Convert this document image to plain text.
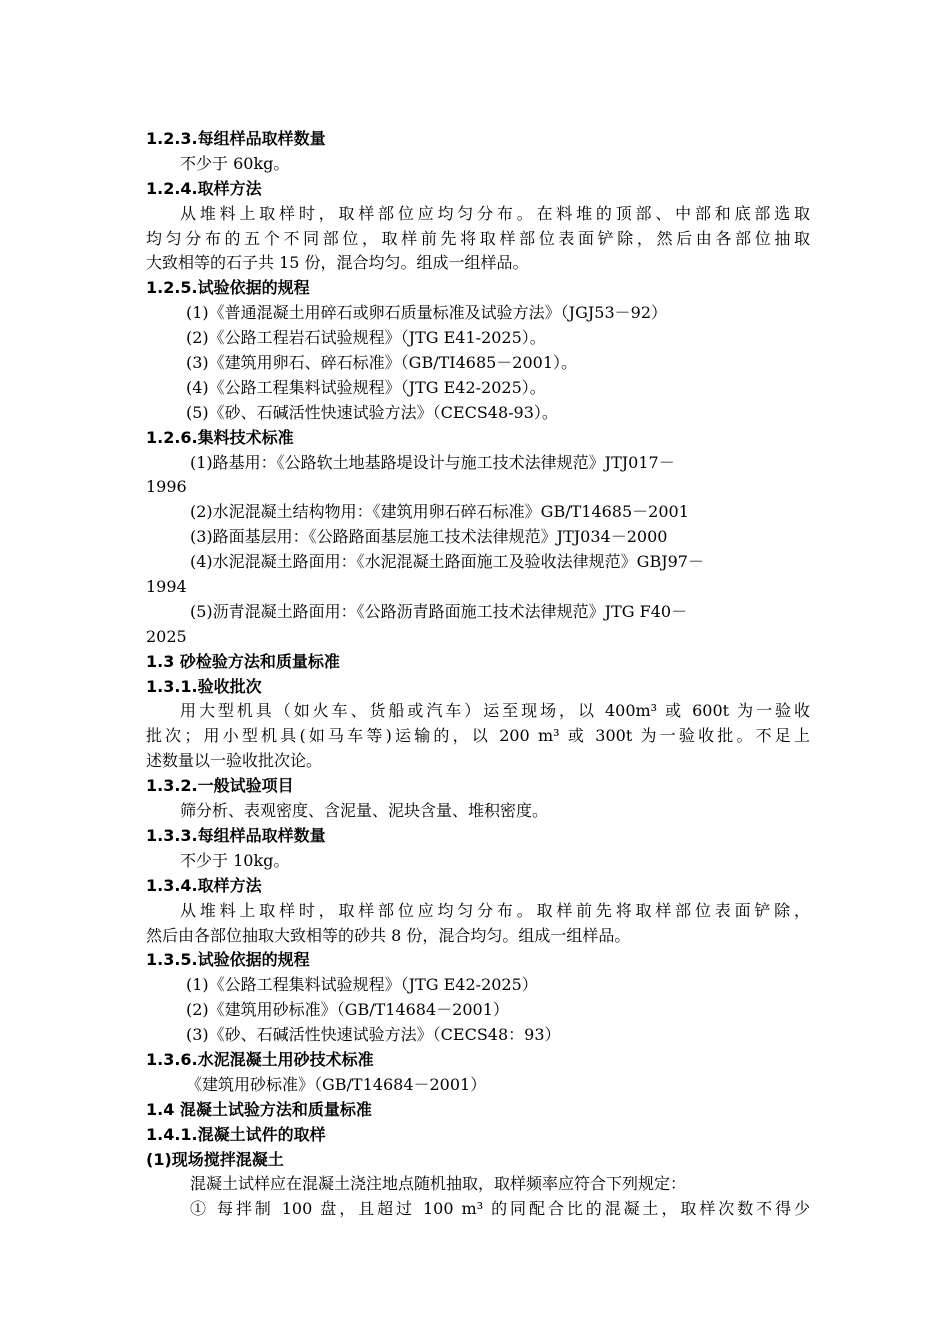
1.2.3.每组样品取样数量
不少于 60kg。
1.2.4.取样方法
从堆料上取样时，取样部位应均匀分布。在料堆的顶部、中部和底部选取
均匀分布的五个不同部位，取样前先将取样部位表面铲除，然后由各部位抽取
大致相等的石子共 15 份，混合均匀。组成一组样品。
1.2.5.试验依据的规程
(1)《普通混凝土用碎石或卵石质量标准及试验方法》（JGJ53－92）
(2)《公路工程岩石试验规程》（JTG E41-2025）。
(3)《建筑用卵石、碎石标准》（GB/TI4685－2001）。
(4)《公路工程集料试验规程》（JTG E42-2025）。
(5)《砂、石碱活性快速试验方法》（CECS48-93）。
1.2.6.集料技术标准
(1)路基用：《公路软土地基路堤设计与施工技术法律规范》JTJ017－
1996
(2)水泥混凝土结构物用：《建筑用卵石碎石标准》GB/T14685－2001
(3)路面基层用：《公路路面基层施工技术法律规范》JTJ034－2000
(4)水泥混凝土路面用：《水泥混凝土路面施工及验收法律规范》GBJ97－
1994
(5)沥青混凝土路面用：《公路沥青路面施工技术法律规范》JTG F40－
2025
1.3 砂检验方法和质量标准
1.3.1.验收批次
用大型机具（如火车、货船或汽车）运至现场，以 400m³ 或 600t 为一验收
批次；用小型机具(如马车等)运输的，以 200 m³ 或 300t 为一验收批。不足上
述数量以一验收批次论。
1.3.2.一般试验项目
筛分析、表观密度、含泥量、泥块含量、堆积密度。
1.3.3.每组样品取样数量
不少于 10kg。
1.3.4.取样方法
从堆料上取样时，取样部位应均匀分布。取样前先将取样部位表面铲除，
然后由各部位抽取大致相等的砂共 8 份，混合均匀。组成一组样品。
1.3.5.试验依据的规程
(1)《公路工程集料试验规程》（JTG E42-2025）
(2)《建筑用砂标准》（GB/T14684－2001）
(3)《砂、石碱活性快速试验方法》（CECS48：93）
1.3.6.水泥混凝土用砂技术标准
《建筑用砂标准》（GB/T14684－2001）
1.4 混凝土试验方法和质量标准
1.4.1.混凝土试件的取样
(1)现场搅拌混凝土
混凝土试样应在混凝土浇注地点随机抽取，取样频率应符合下列规定：
① 每拌制 100 盘，且超过 100 m³ 的同配合比的混凝土，取样次数不得少
